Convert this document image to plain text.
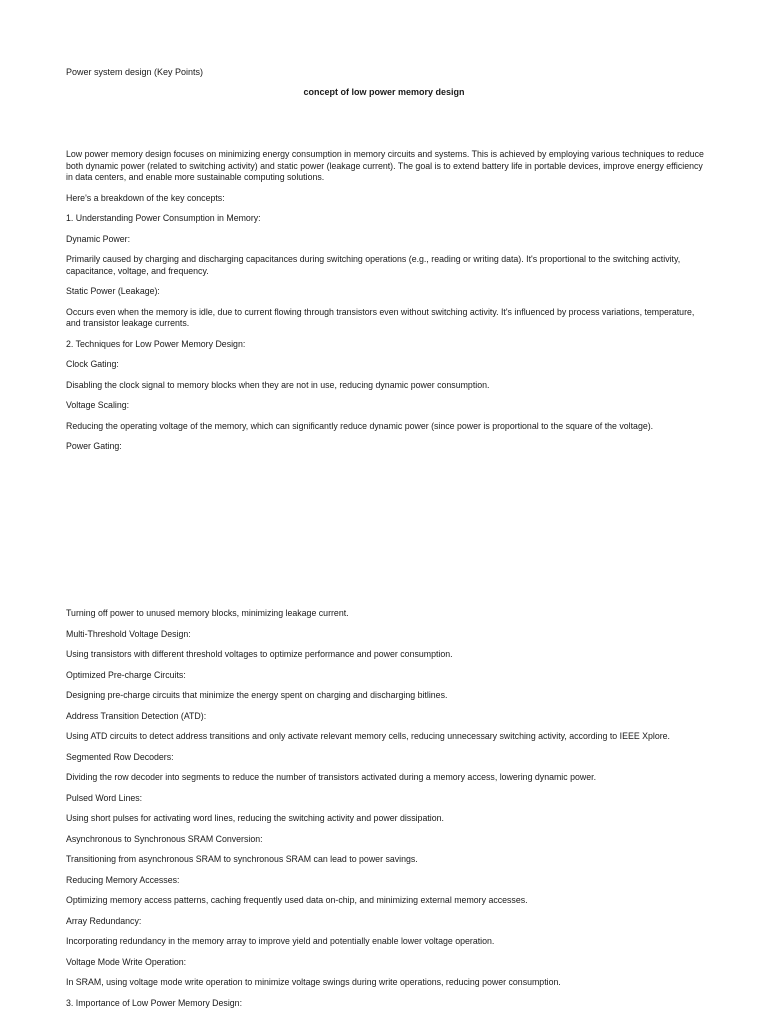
Power system design (Key Points)
concept of low power memory design

Low power memory design focuses on minimizing energy consumption in memory circuits and systems. This is achieved by employing various techniques to reduce both dynamic power (related to switching activity) and static power (leakage current). The goal is to extend battery life in portable devices, improve energy efficiency in data centers, and enable more sustainable computing solutions.

Here's a breakdown of the key concepts:

1. Understanding Power Consumption in Memory:

Dynamic Power:

Primarily caused by charging and discharging capacitances during switching operations (e.g., reading or writing data). It's proportional to the switching activity, capacitance, voltage, and frequency.

Static Power (Leakage):

Occurs even when the memory is idle, due to current flowing through transistors even without switching activity. It's influenced by process variations, temperature, and transistor leakage currents.

2. Techniques for Low Power Memory Design:

Clock Gating:

Disabling the clock signal to memory blocks when they are not in use, reducing dynamic power consumption.

Voltage Scaling:

Reducing the operating voltage of the memory, which can significantly reduce dynamic power (since power is proportional to the square of the voltage).

Power Gating:

Turning off power to unused memory blocks, minimizing leakage current.

Multi-Threshold Voltage Design:

Using transistors with different threshold voltages to optimize performance and power consumption.

Optimized Pre-charge Circuits:

Designing pre-charge circuits that minimize the energy spent on charging and discharging bitlines.

Address Transition Detection (ATD):

Using ATD circuits to detect address transitions and only activate relevant memory cells, reducing unnecessary switching activity, according to IEEE Xplore.

Segmented Row Decoders:

Dividing the row decoder into segments to reduce the number of transistors activated during a memory access, lowering dynamic power.

Pulsed Word Lines:

Using short pulses for activating word lines, reducing the switching activity and power dissipation.

Asynchronous to Synchronous SRAM Conversion:

Transitioning from asynchronous SRAM to synchronous SRAM can lead to power savings.

Reducing Memory Accesses:

Optimizing memory access patterns, caching frequently used data on-chip, and minimizing external memory accesses.

Array Redundancy:

Incorporating redundancy in the memory array to improve yield and potentially enable lower voltage operation.

Voltage Mode Write Operation:

In SRAM, using voltage mode write operation to minimize voltage swings during write operations, reducing power consumption.

3. Importance of Low Power Memory Design:
